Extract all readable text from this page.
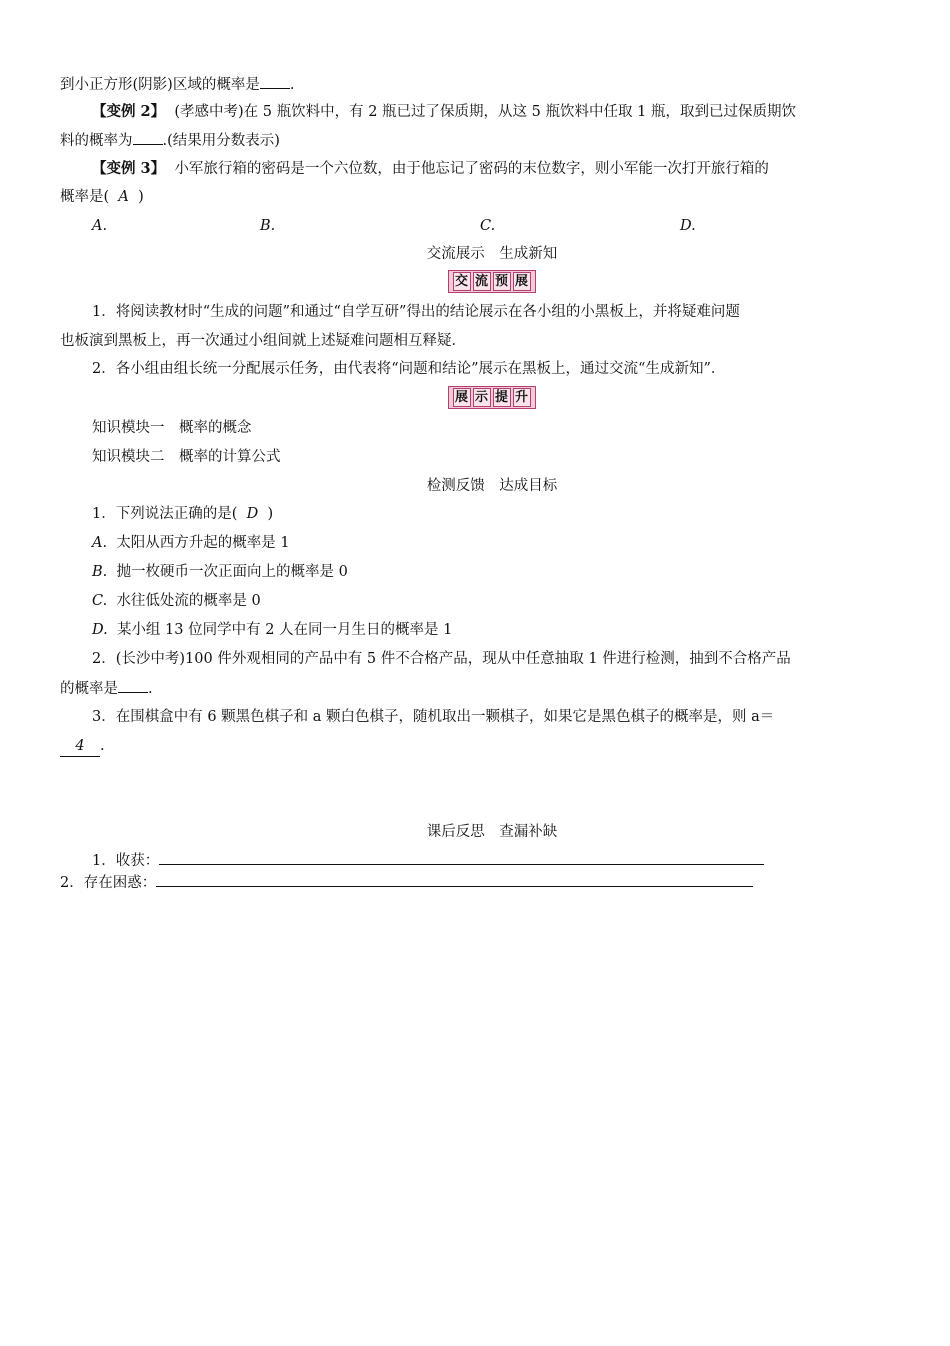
到小正方形(阴影)区域的概率是 .
【变例 2】 (孝感中考)在 5 瓶饮料中，有 2 瓶已过了保质期，从这 5 瓶饮料中任取 1 瓶，取到已过保质期饮
料的概率为 .(结果用分数表示)
【变例 3】 小军旅行箱的密码是一个六位数，由于他忘记了密码的末位数字，则小军能一次打开旅行箱的
概率是( A )
A.	B.	C.	D.
交流展示　生成新知
交 流 预 展
1．将阅读教材时“生成的问题”和通过“自学互研”得出的结论展示在各小组的小黑板上，并将疑难问题
也板演到黑板上，再一次通过小组间就上述疑难问题相互释疑．
2．各小组由组长统一分配展示任务，由代表将“问题和结论”展示在黑板上，通过交流“生成新知”．
展 示 提 升
知识模块一　概率的概念
知识模块二　概率的计算公式
检测反馈　达成目标
1．下列说法正确的是( D )
A. 太阳从西方升起的概率是 1
B. 抛一枚硬币一次正面向上的概率是 0
C. 水往低处流的概率是 0
D. 某小组 13 位同学中有 2 人在同一月生日的概率是 1
2．(长沙中考)100 件外观相同的产品中有 5 件不合格产品，现从中任意抽取 1 件进行检测，抽到不合格产品
的概率是 .
3．在围棋盒中有 6 颗黑色棋子和 a 颗白色棋子，随机取出一颗棋子，如果它是黑色棋子的概率是，则 a＝
4 .
课后反思　查漏补缺
1．收获：
2．存在困惑：
